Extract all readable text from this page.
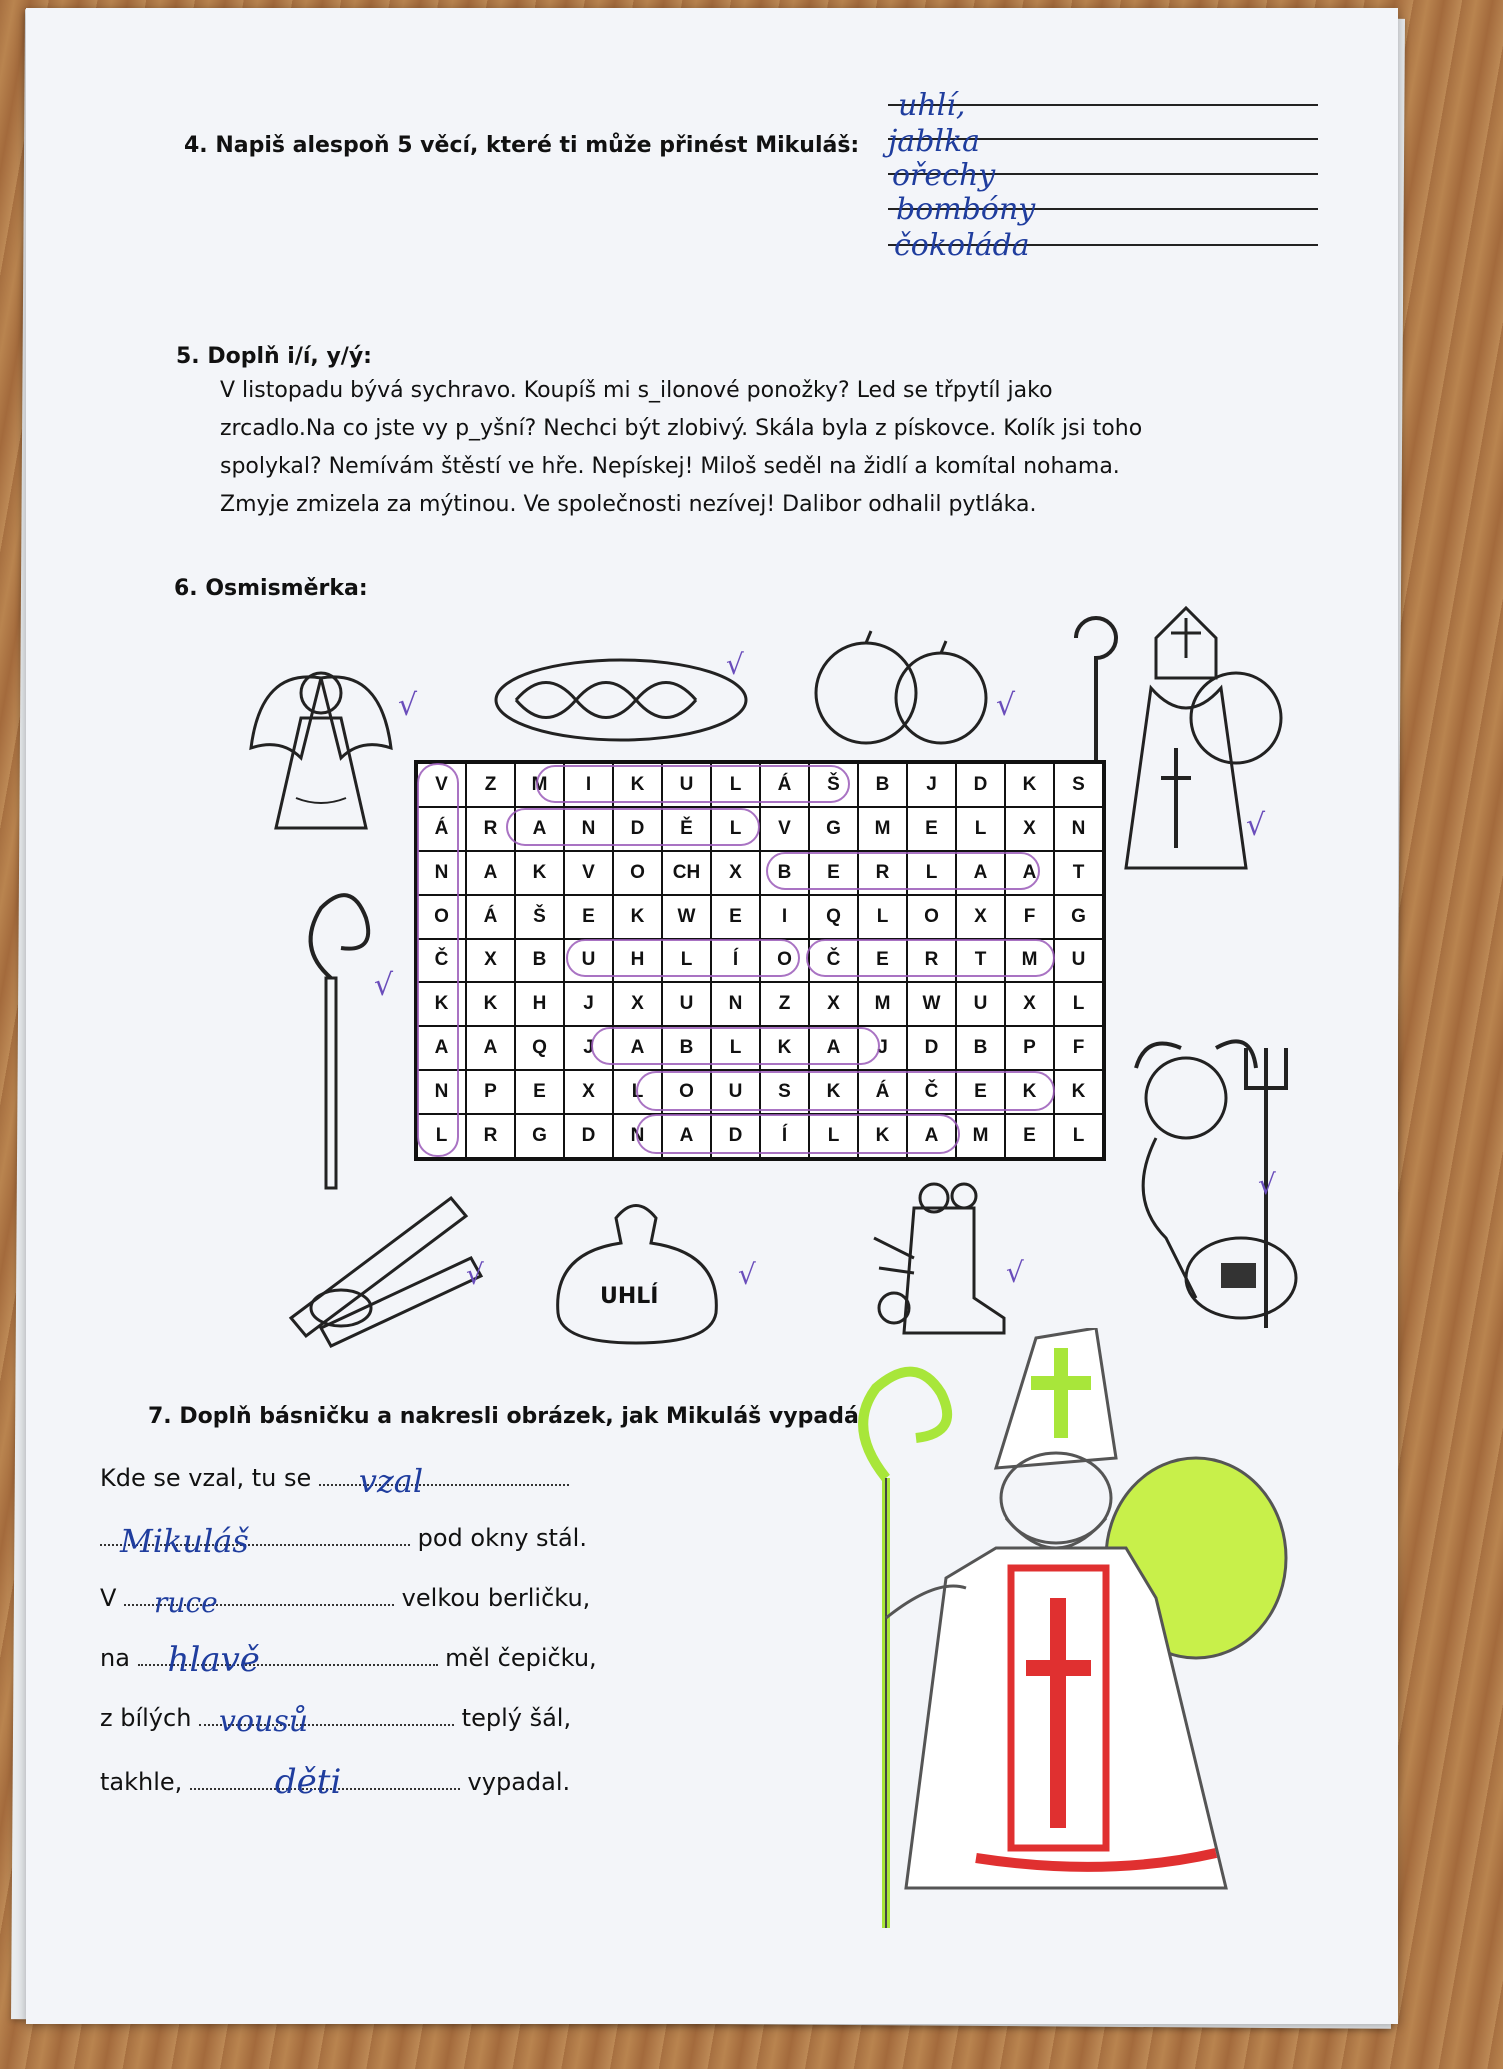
4. Napiš alespoň 5 věcí, které ti může přinést Mikuláš:
uhlí,
jablka
ořechy
bombóny
čokoláda
5. Doplň i/í, y/ý:
V listopadu bývá sychravo. Koupíš mi s_ilonové ponožky? Led se třpytíl jako
zrcadlo.Na co jste vy p_yšní? Nechci být zlobivý. Skála byla z pískovce. Kolík jsi toho
spolykal? Nemívám štěstí ve hře. Nepískej! Miloš seděl na židlí a komítal nohama.
Zmyje zmizela za mýtinou. Ve společnosti nezívej! Dalibor odhalil pytláka.
6. Osmisměrka:
√
√
√
√
√
V	Z	M	I	K	U	L	Á	Š	B	J	D	K	S
Á	R	A	N	D	Ě	L	V	G	M	E	L	X	N
N	A	K	V	O	CH	X	B	E	R	L	A	A	T
O	Á	Š	E	K	W	E	I	Q	L	O	X	F	G
Č	X	B	U	H	L	Í	O	Č	E	R	T	M	U
K	K	H	J	X	U	N	Z	X	M	W	U	X	L
A	A	Q	J	A	B	L	K	A	J	D	B	P	F
N	P	E	X	L	O	U	S	K	Á	Č	E	K	K
L	R	G	D	N	A	D	Í	L	K	A	M	E	L
√
√
UHLÍ
√	√
7. Doplň básničku a nakresli obrázek, jak Mikuláš vypadá:
Kde se vzal, tu se vzal
Mikuláš	pod okny stál.
V ruce	velkou berličku,
na hlavě	měl čepičku,
z bílých vousů	teplý šál,
takhle,	děti	vypadal.
